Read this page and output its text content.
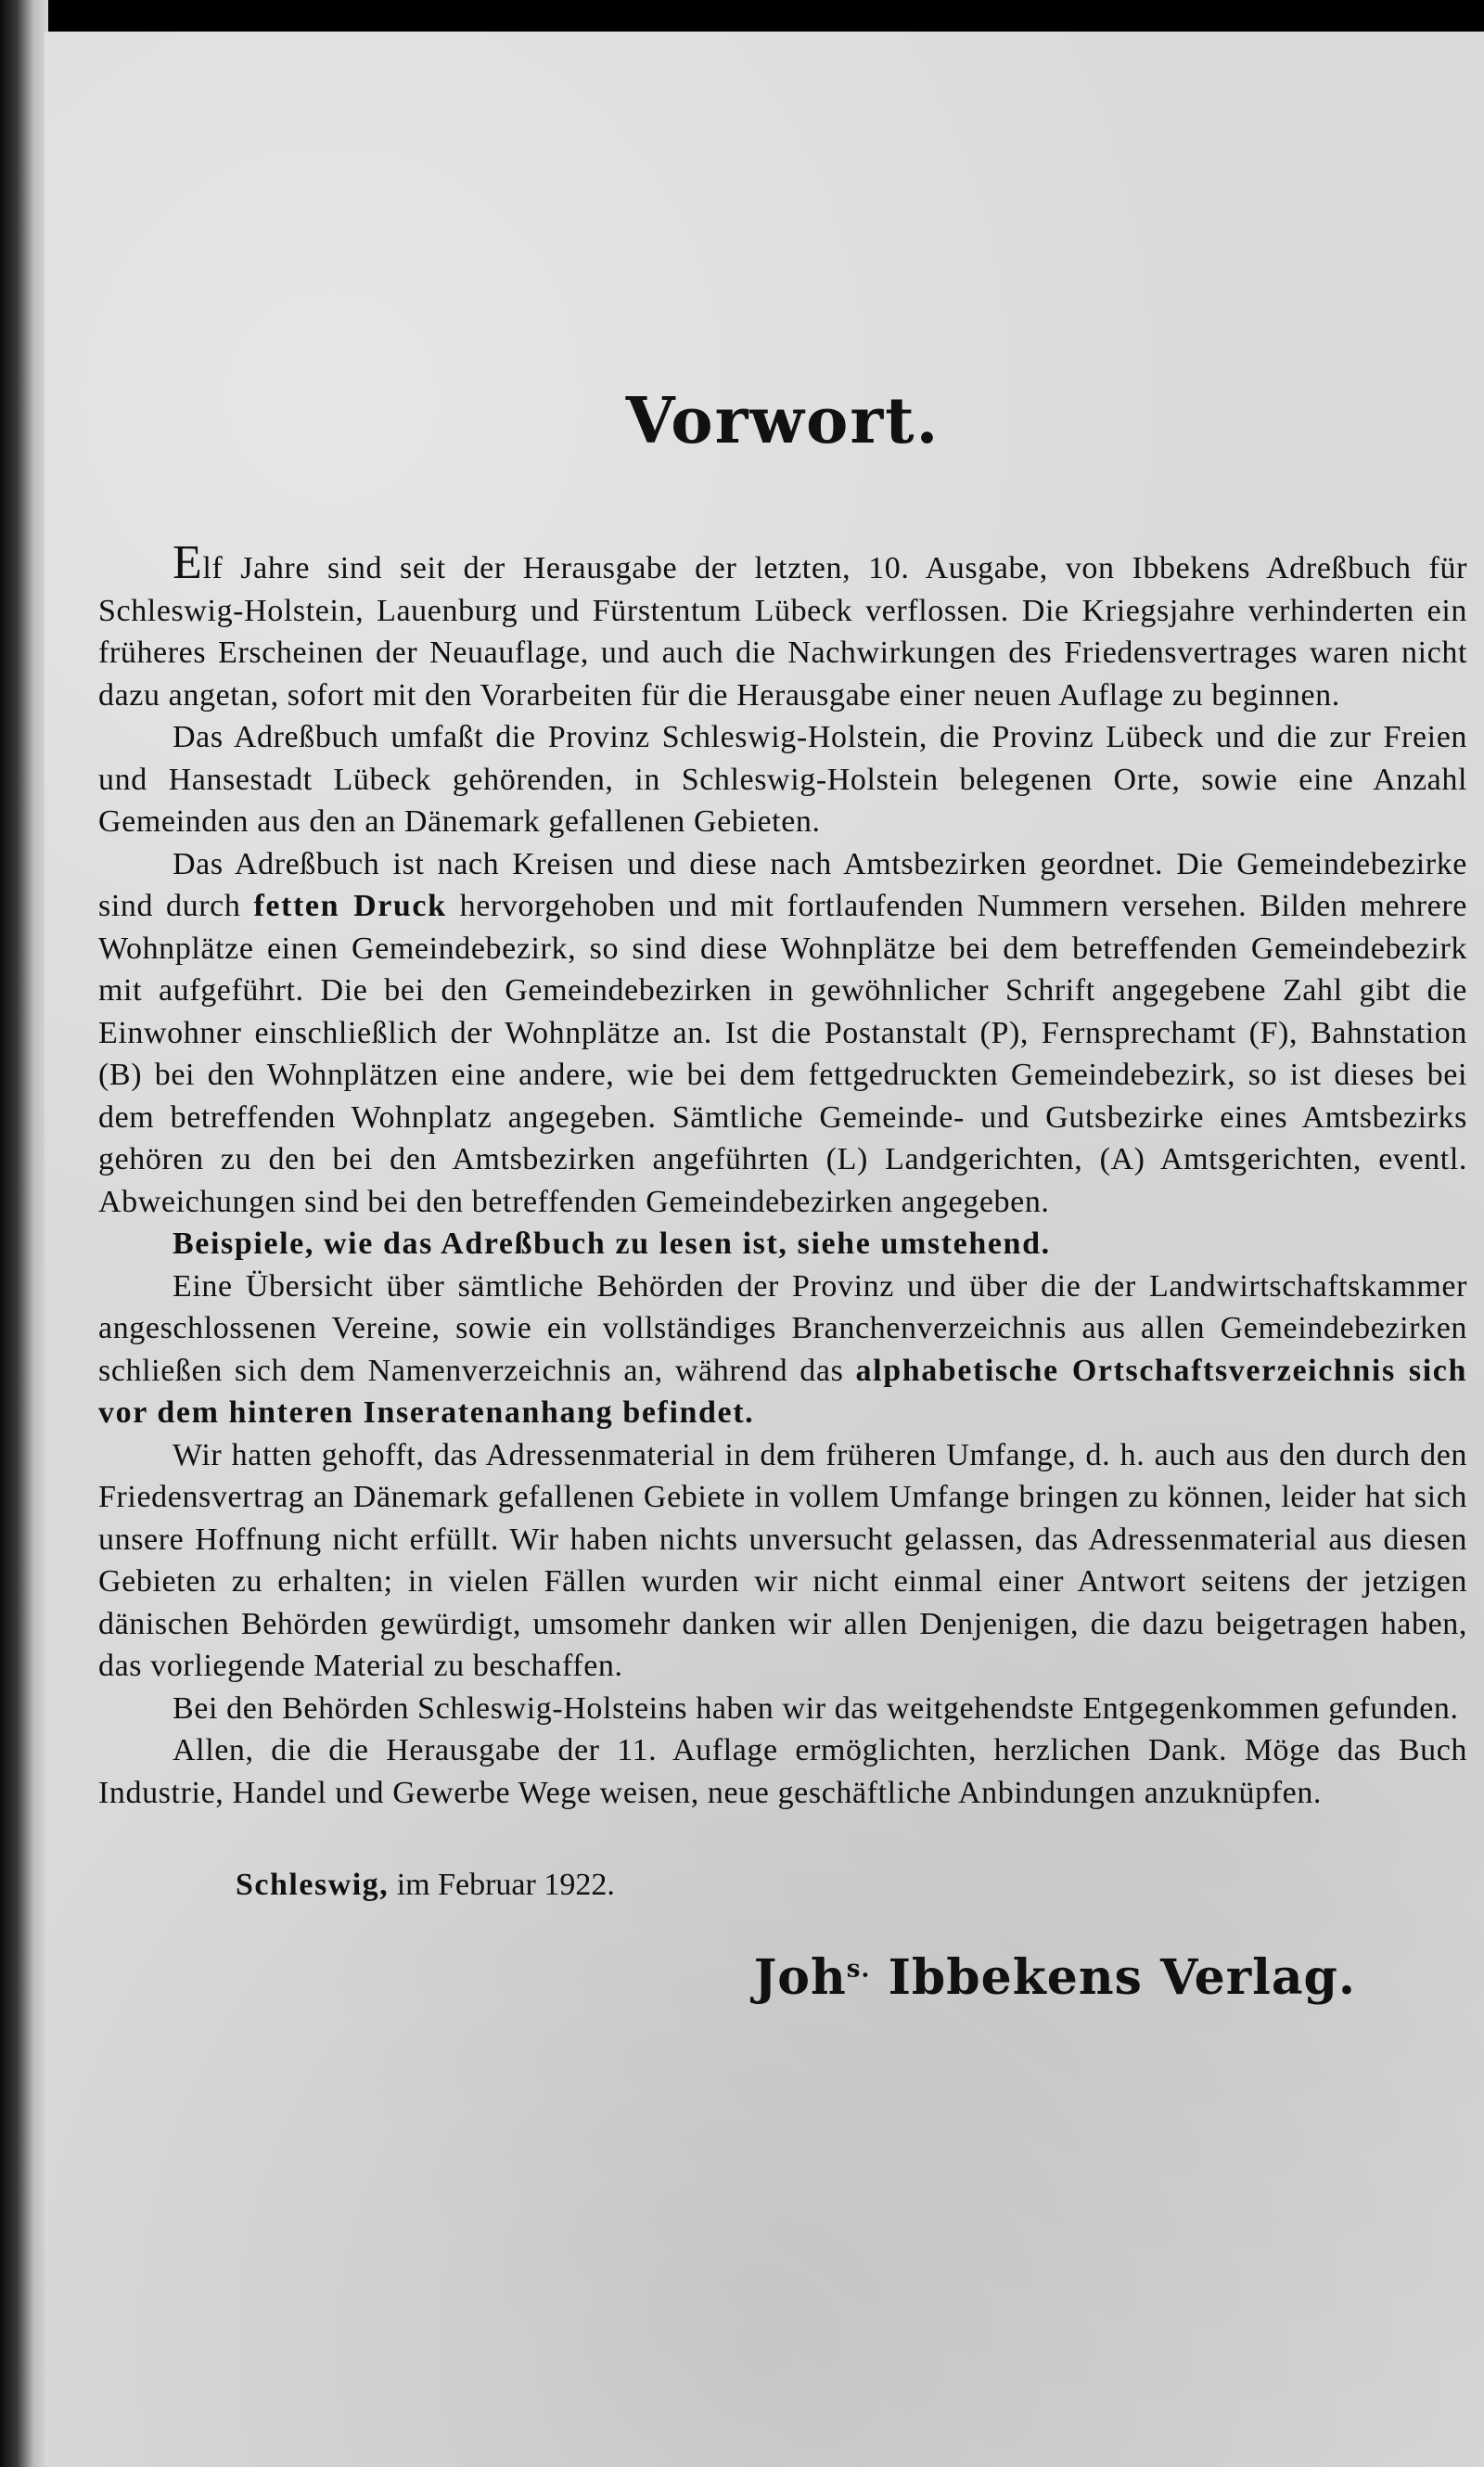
Vorwort.

Elf Jahre sind seit der Herausgabe der letzten, 10. Ausgabe, von Ibbekens Adreßbuch für Schleswig-Holstein, Lauenburg und Fürstentum Lübeck verflossen. Die Kriegsjahre verhinderten ein früheres Erscheinen der Neuauflage, und auch die Nachwirkungen des Friedensvertrages waren nicht dazu angetan, sofort mit den Vorarbeiten für die Herausgabe einer neuen Auflage zu beginnen.

Das Adreßbuch umfaßt die Provinz Schleswig-Holstein, die Provinz Lübeck und die zur Freien und Hansestadt Lübeck gehörenden, in Schleswig-Holstein belegenen Orte, sowie eine Anzahl Gemeinden aus den an Dänemark gefallenen Gebieten.

Das Adreßbuch ist nach Kreisen und diese nach Amtsbezirken geordnet. Die Gemeindebezirke sind durch fetten Druck hervorgehoben und mit fortlaufenden Nummern versehen. Bilden mehrere Wohnplätze einen Gemeindebezirk, so sind diese Wohnplätze bei dem betreffenden Gemeindebezirk mit aufgeführt. Die bei den Gemeindebezirken in gewöhnlicher Schrift angegebene Zahl gibt die Einwohner einschließlich der Wohnplätze an. Ist die Postanstalt (P), Fernsprechamt (F), Bahnstation (B) bei den Wohnplätzen eine andere, wie bei dem fettgedruckten Gemeindebezirk, so ist dieses bei dem betreffenden Wohnplatz angegeben. Sämtliche Gemeinde- und Gutsbezirke eines Amtsbezirks gehören zu den bei den Amtsbezirken angeführten (L) Landgerichten, (A) Amtsgerichten, eventl. Abweichungen sind bei den betreffenden Gemeindebezirken angegeben.

Beispiele, wie das Adreßbuch zu lesen ist, siehe umstehend.

Eine Übersicht über sämtliche Behörden der Provinz und über die der Landwirtschaftskammer angeschlossenen Vereine, sowie ein vollständiges Branchenverzeichnis aus allen Gemeindebezirken schließen sich dem Namenverzeichnis an, während das alphabetische Ortschaftsverzeichnis sich vor dem hinteren Inseratenanhang befindet.

Wir hatten gehofft, das Adressenmaterial in dem früheren Umfange, d. h. auch aus den durch den Friedensvertrag an Dänemark gefallenen Gebiete in vollem Umfange bringen zu können, leider hat sich unsere Hoffnung nicht erfüllt. Wir haben nichts unversucht gelassen, das Adressenmaterial aus diesen Gebieten zu erhalten; in vielen Fällen wurden wir nicht einmal einer Antwort seitens der jetzigen dänischen Behörden gewürdigt, umsomehr danken wir allen Denjenigen, die dazu beigetragen haben, das vorliegende Material zu beschaffen.

Bei den Behörden Schleswig-Holsteins haben wir das weitgehendste Entgegenkommen gefunden.

Allen, die die Herausgabe der 11. Auflage ermöglichten, herzlichen Dank. Möge das Buch Industrie, Handel und Gewerbe Wege weisen, neue geschäftliche Anbindungen anzuknüpfen.

Schleswig, im Februar 1922.
Joh$^{s.}$ Ibbekens Verlag.
